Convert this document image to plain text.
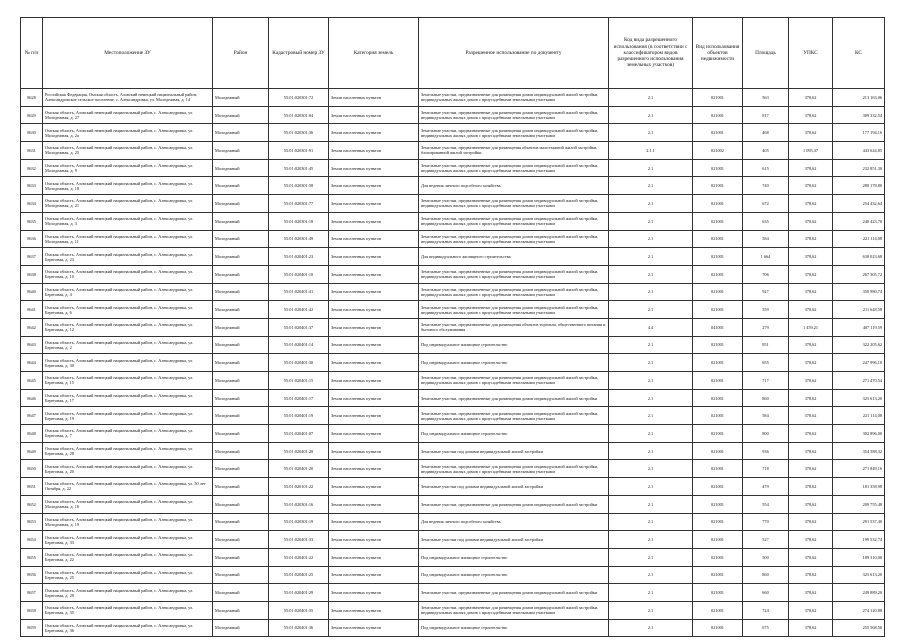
№ п/п	Местоположение ЗУ	Район	Кадастровый номер ЗУ	Категория земель	Разрешенное использование по документу	Код вида разрешенного использования (в соответствии с классификатором видов разрешенного использования земельных участков)	Вид использования объектов недвижимости	Площадь	УПКС	КС

8628	Российская Федерация, Омская область, Азовский немецкий национальный район, Александровское сельское поселение, с. Александровка, ул. Молодежная, д. 14	Молодежный	55:01:020301:72	Земли населенных пунктов	Земельные участки, предназначенные для размещения домов индивидуальной жилой застройки, индивидуальных жилых домов с приусадебными земельными участками	2.1	021001	563	378,62	213 163,06

8629	Омская область, Азовский немецкий национальный район, с. Александровка, ул. Молодежная, д. 27	Молодежный	55:01:020301:84	Земли населенных пунктов	Земельные участки, предназначенные для размещения домов индивидуальной жилой застройки, индивидуальных жилых домов с приусадебными земельными участками	2.1	021001	817	378,62	309 332,54

8630	Омская область, Азовский немецкий национальный район, с. Александровка, ул. Молодежная, д. 2а	Молодежный	55:01:020301:36	Земли населенных пунктов	Земельные участки, предназначенные для размещения домов индивидуальной жилой застройки, индивидуальных жилых домов с приусадебными земельными участками	2.1	021001	468	378,62	177 194,16

8631	Омская область, Азовский немецкий национальный район, с. Александровка, ул. Молодежная, д. 25	Молодежный	55:01:020301:91	Земли населенных пунктов	Земельные участки, предназначенные для размещения объектов малоэтажной жилой застройки, блокированной жилой застройки	2.1.1	021002	405	1 095,37	443 624,85

8632	Омская область, Азовский немецкий национальный район, с. Александровка, ул. Молодежная, д. 9	Молодежный	55:01:020301:45	Земли населенных пунктов	Земельные участки, предназначенные для размещения домов индивидуальной жилой застройки, индивидуальных жилых домов с приусадебными земельными участками	2.1	021001	615	378,62	232 851,30

8633	Омская область, Азовский немецкий национальный район, с. Александровка, ул. Молодежная, д. 18	Молодежный	55:01:020301:58	Земли населенных пунктов	Для ведения личного подсобного хозяйства	2.1	021001	740	378,62	280 178,80

8634	Омская область, Азовский немецкий национальный район, с. Александровка, ул. Молодежная, д. 21	Молодежный	55:01:020301:77	Земли населенных пунктов	Земельные участки, предназначенные для размещения домов индивидуальной жилой застройки, индивидуальных жилых домов с приусадебными земельными участками	2.1	021001	672	378,62	254 432,64

8635	Омская область, Азовский немецкий национальный район, с. Александровка, ул. Молодежная, д. 3	Молодежный	55:01:020301:18	Земли населенных пунктов	Земельные участки, предназначенные для размещения домов индивидуальной жилой застройки, индивидуальных жилых домов с приусадебными земельными участками	2.1	021001	635	378,62	240 423,70

8636	Омская область, Азовский немецкий национальный район, с. Александровка, ул. Молодежная, д. 11	Молодежный	55:01:020301:49	Земли населенных пунктов	Земельные участки, предназначенные для размещения домов индивидуальной жилой застройки, индивидуальных жилых домов с приусадебными земельными участками	2.1	021001	584	378,62	221 114,08

8637	Омская область, Азовский немецкий национальный район, с. Александровка, ул. Береговая, д. 23	Молодежный	55:01:020401:23	Земли населенных пунктов	Для индивидуального жилищного строительства	2.1	021001	1 664	378,62	630 023,68

8638	Омская область, Азовский немецкий национальный район, с. Александровка, ул. Береговая, д. 10	Молодежный	55:01:020401:10	Земли населенных пунктов	Земельные участки, предназначенные для размещения домов индивидуальной жилой застройки, индивидуальных жилых домов с приусадебными земельными участками	2.1	021001	706	378,62	267 305,72

8640	Омская область, Азовский немецкий национальный район, с. Александровка, ул. Береговая, д. 4	Молодежный	55:01:020401:41	Земли населенных пунктов	Земельные участки, предназначенные для размещения домов индивидуальной жилой застройки, индивидуальных жилых домов с приусадебными земельными участками	2.1	021001	927	378,62	350 980,74

8641	Омская область, Азовский немецкий национальный район, с. Александровка, ул. Береговая, д. 6	Молодежный	55:01:020401:42	Земли населенных пунктов	Земельные участки, предназначенные для размещения домов индивидуальной жилой застройки, индивидуальных жилых домов с приусадебными земельными участками	2.1	021001	559	378,62	211 648,58

8642	Омская область, Азовский немецкий национальный район, с. Александровка, ул. Береговая, д. 12	Молодежный	55:01:020401:37	Земли населенных пунктов	Земельные участки, предназначенные для размещения объектов торговли, общественного питания и бытового обслуживания	4.4	041001	279	1 459,21	407 119,59

8643	Омская область, Азовский немецкий национальный район, с. Александровка, ул. Береговая, д. 2	Молодежный	55:01:020401:14	Земли населенных пунктов	Под индивидуальное жилищное строительство	2.1	021001	851	378,62	322 205,62

8644	Омская область, Азовский немецкий национальный район, с. Александровка, ул. Береговая, д. 30	Молодежный	55:01:020401:30	Земли населенных пунктов	Под индивидуальное жилищное строительство	2.1	021001	655	378,62	247 996,10

8645	Омская область, Азовский немецкий национальный район, с. Александровка, ул. Береговая, д. 15	Молодежный	55:01:020401:15	Земли населенных пунктов	Земельные участки, предназначенные для размещения домов индивидуальной жилой застройки, индивидуальных жилых домов с приусадебными земельными участками	2.1	021001	717	378,62	271 470,54

8646	Омская область, Азовский немецкий национальный район, с. Александровка, ул. Береговая, д. 17	Молодежный	55:01:020401:17	Земли населенных пунктов	Земельные участки, предназначенные для размещения домов индивидуальной жилой застройки	2.1	021001	860	378,62	325 613,20

8647	Омская область, Азовский немецкий национальный район, с. Александровка, ул. Береговая, д. 19	Молодежный	55:01:020401:19	Земли населенных пунктов	Земельные участки, предназначенные для размещения домов индивидуальной жилой застройки, индивидуальных жилых домов с приусадебными земельными участками	2.1	021001	584	378,62	221 114,08

8648	Омская область, Азовский немецкий национальный район, с. Александровка, ул. Береговая, д. 7	Молодежный	55:01:020401:07	Земли населенных пунктов	Под индивидуальное жилищное строительство	2.1	021001	800	378,62	302 896,00

8649	Омская область, Азовский немецкий национальный район, с. Александровка, ул. Береговая, д. 28	Молодежный	55:01:020401:28	Земли населенных пунктов	Земельные участки под домами индивидуальной жилой застройки	2.1	021001	936	378,62	354 388,32

8650	Омская область, Азовский немецкий национальный район, с. Александровка, ул. Береговая, д. 20	Молодежный	55:01:020401:20	Земли населенных пунктов	Земельные участки, предназначенные для размещения домов индивидуальной жилой застройки, индивидуальных жилых домов с приусадебными земельными участками	2.1	021001	718	378,62	271 849,16

8651	Омская область, Азовский немецкий национальный район, с. Александровка, ул. 50 лет Октября, д. 22	Молодежный	55:01:020101:22	Земли населенных пунктов	Земельные участки под домами индивидуальной жилой застройки	2.1	021001	479	378,62	181 358,98

8652	Омская область, Азовский немецкий национальный район, с. Александровка, ул. Молодежная, д. 16	Молодежный	55:01:020301:16	Земли населенных пунктов	Земельные участки, предназначенные для размещения домов индивидуальной жилой застройки	2.1	021001	554	378,62	209 755,48

8653	Омская область, Азовский немецкий национальный район, с. Александровка, ул. Молодежная, д. 19	Молодежный	55:01:020301:19	Земли населенных пунктов	Для ведения личного подсобного хозяйства	2.1	021001	770	378,62	291 537,40

8654	Омская область, Азовский немецкий национальный район, с. Александровка, ул. Береговая, д. 33	Молодежный	55:01:020401:33	Земли населенных пунктов	Земельные участки под домами индивидуальной жилой застройки	2.1	021001	527	378,62	199 532,74

8655	Омская область, Азовский немецкий национальный район, с. Александровка, ул. Береговая, д. 22	Молодежный	55:01:020401:22	Земли населенных пунктов	Под индивидуальное жилищное строительство	2.1	021001	500	378,62	189 310,00

8656	Омская область, Азовский немецкий национальный район, с. Александровка, ул. Береговая, д. 25	Молодежный	55:01:020401:25	Земли населенных пунктов	Под индивидуальное жилищное строительство	2.1	021001	860	378,62	325 613,20

8657	Омская область, Азовский немецкий национальный район, с. Александровка, ул. Береговая, д. 29	Молодежный	55:01:020401:29	Земли населенных пунктов	Земельные участки, предназначенные для размещения домов индивидуальной жилой застройки	2.1	021001	660	378,62	249 889,20

8658	Омская область, Азовский немецкий национальный район, с. Александровка, ул. Береговая, д. 35	Молодежный	55:01:020401:35	Земли населенных пунктов	Земельные участки, предназначенные для размещения домов индивидуальной жилой застройки, индивидуальных жилых домов с приусадебными земельными участками	2.1	021001	724	378,62	274 120,88

8659	Омская область, Азовский немецкий национальный район, с. Александровка, ул. Береговая, д. 36	Молодежный	55:01:020401:36	Земли населенных пунктов	Под индивидуальное жилищное строительство	2.1	021001	675	378,62	255 568,50
